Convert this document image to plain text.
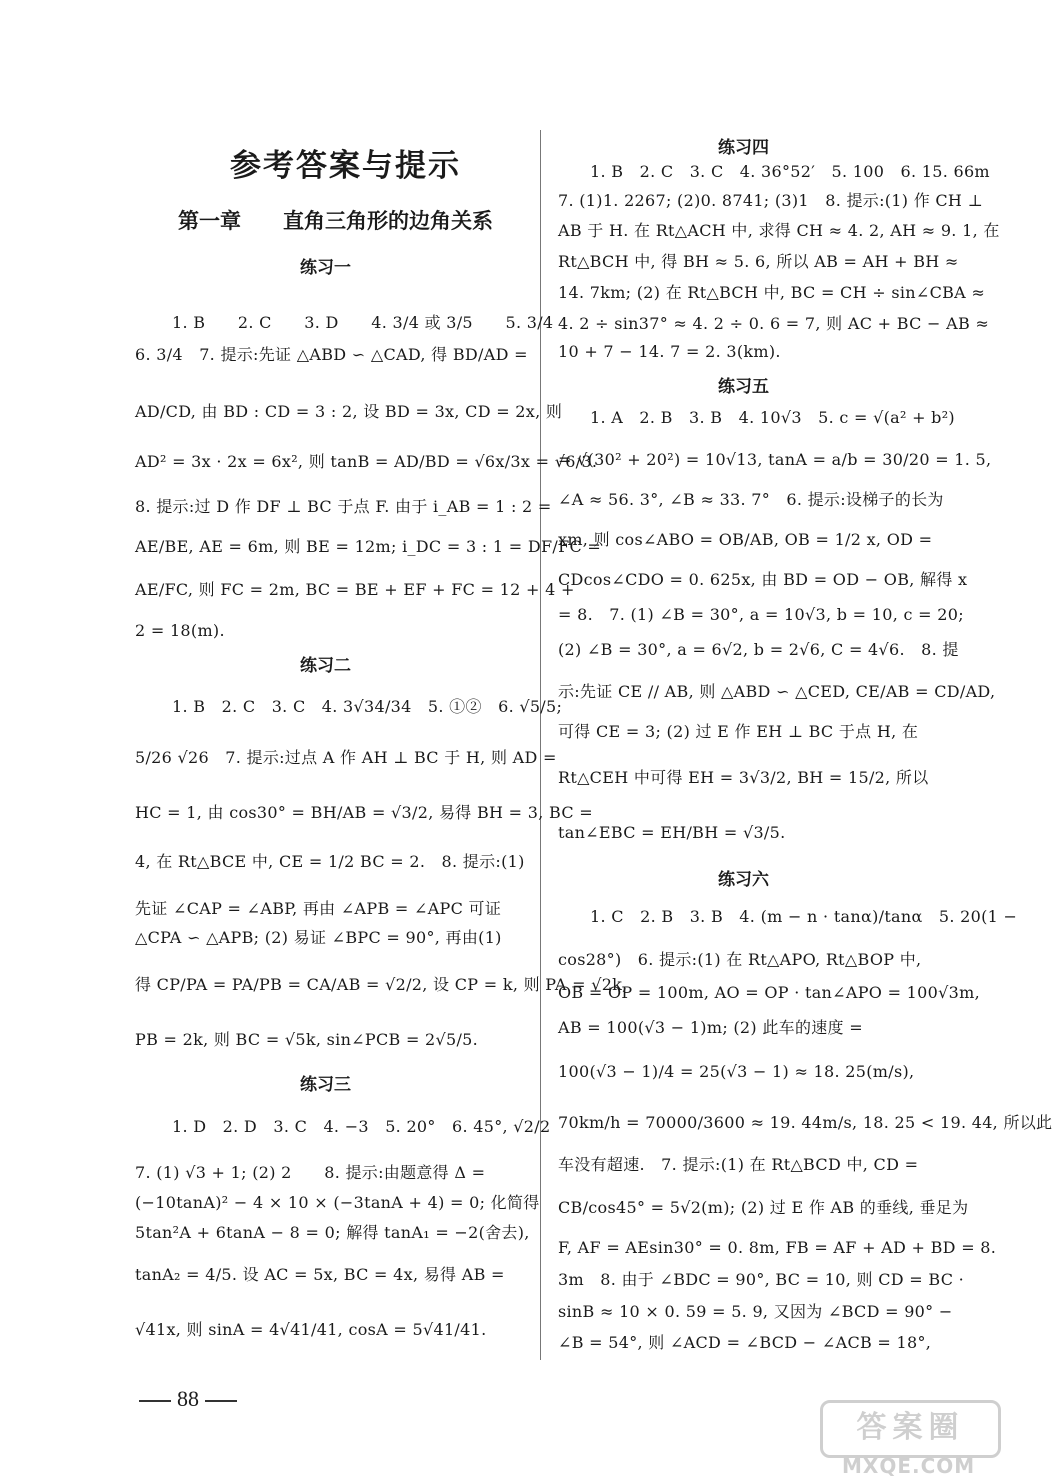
参考答案与提示
第一章　　直角三角形的边角关系
练习一
1. B　　2. C　　3. D　　4. 3/4 或 3/5　　5. 3/4
6. 3/4　7. 提示:先证 △ABD ∽ △CAD, 得 BD/AD =
AD/CD, 由 BD : CD = 3 : 2, 设 BD = 3x, CD = 2x, 则
AD² = 3x · 2x = 6x², 则 tanB = AD/BD = √6x/3x = √6/3.
8. 提示:过 D 作 DF ⊥ BC 于点 F. 由于 i_AB = 1 : 2 =
AE/BE, AE = 6m, 则 BE = 12m; i_DC = 3 : 1 = DF/FC =
AE/FC, 则 FC = 2m, BC = BE + EF + FC = 12 + 4 +
2 = 18(m).
练习二
1. B　2. C　3. C　4. 3√34/34　5. ①②　6. √5/5;
5/26 √26　7. 提示:过点 A 作 AH ⊥ BC 于 H, 则 AD =
HC = 1, 由 cos30° = BH/AB = √3/2, 易得 BH = 3, BC =
4, 在 Rt△BCE 中, CE = 1/2 BC = 2.　8. 提示:(1)
先证 ∠CAP = ∠ABP, 再由 ∠APB = ∠APC 可证
△CPA ∽ △APB; (2) 易证 ∠BPC = 90°, 再由(1)
得 CP/PA = PA/PB = CA/AB = √2/2, 设 CP = k, 则 PA = √2k,
PB = 2k, 则 BC = √5k, sin∠PCB = 2√5/5.
练习三
1. D　2. D　3. C　4. −3　5. 20°　6. 45°, √2/2
7. (1) √3 + 1; (2) 2　　8. 提示:由题意得 Δ =
(−10tanA)² − 4 × 10 × (−3tanA + 4) = 0; 化简得
5tan²A + 6tanA − 8 = 0; 解得 tanA₁ = −2(舍去),
tanA₂ = 4/5. 设 AC = 5x, BC = 4x, 易得 AB =
√41x, 则 sinA = 4√41/41, cosA = 5√41/41.
88
练习四
1. B　2. C　3. C　4. 36°52′　5. 100　6. 15. 66m
7. (1)1. 2267; (2)0. 8741; (3)1　8. 提示:(1) 作 CH ⊥
AB 于 H. 在 Rt△ACH 中, 求得 CH ≈ 4. 2, AH ≈ 9. 1, 在
Rt△BCH 中, 得 BH ≈ 5. 6, 所以 AB = AH + BH ≈
14. 7km; (2) 在 Rt△BCH 中, BC = CH ÷ sin∠CBA ≈
4. 2 ÷ sin37° ≈ 4. 2 ÷ 0. 6 = 7, 则 AC + BC − AB ≈
10 + 7 − 14. 7 = 2. 3(km).
练习五
1. A　2. B　3. B　4. 10√3　5. c = √(a² + b²)
= √(30² + 20²) = 10√13, tanA = a/b = 30/20 = 1. 5,
∠A ≈ 56. 3°, ∠B ≈ 33. 7°　6. 提示:设梯子的长为
xm, 则 cos∠ABO = OB/AB, OB = 1/2 x, OD =
CDcos∠CDO = 0. 625x, 由 BD = OD − OB, 解得 x
= 8.　7. (1) ∠B = 30°, a = 10√3, b = 10, c = 20;
(2) ∠B = 30°, a = 6√2, b = 2√6, C = 4√6.　8. 提
示:先证 CE // AB, 则 △ABD ∽ △CED, CE/AB = CD/AD,
可得 CE = 3; (2) 过 E 作 EH ⊥ BC 于点 H, 在
Rt△CEH 中可得 EH = 3√3/2, BH = 15/2, 所以
tan∠EBC = EH/BH = √3/5.
练习六
1. C　2. B　3. B　4. (m − n · tanα)/tanα　5. 20(1 −
cos28°)　6. 提示:(1) 在 Rt△APO, Rt△BOP 中,
OB = OP = 100m, AO = OP · tan∠APO = 100√3m,
AB = 100(√3 − 1)m; (2) 此车的速度 =
100(√3 − 1)/4 = 25(√3 − 1) ≈ 18. 25(m/s),
70km/h = 70000/3600 ≈ 19. 44m/s, 18. 25 < 19. 44, 所以此
车没有超速.　7. 提示:(1) 在 Rt△BCD 中, CD =
CB/cos45° = 5√2(m); (2) 过 E 作 AB 的垂线, 垂足为
F, AF = AEsin30° = 0. 8m, FB = AF + AD + BD = 8.
3m　8. 由于 ∠BDC = 90°, BC = 10, 则 CD = BC ·
sinB ≈ 10 × 0. 59 = 5. 9, 又因为 ∠BCD = 90° −
∠B = 54°, 则 ∠ACD = ∠BCD − ∠ACB = 18°,
答案圈
MXQE.COM
